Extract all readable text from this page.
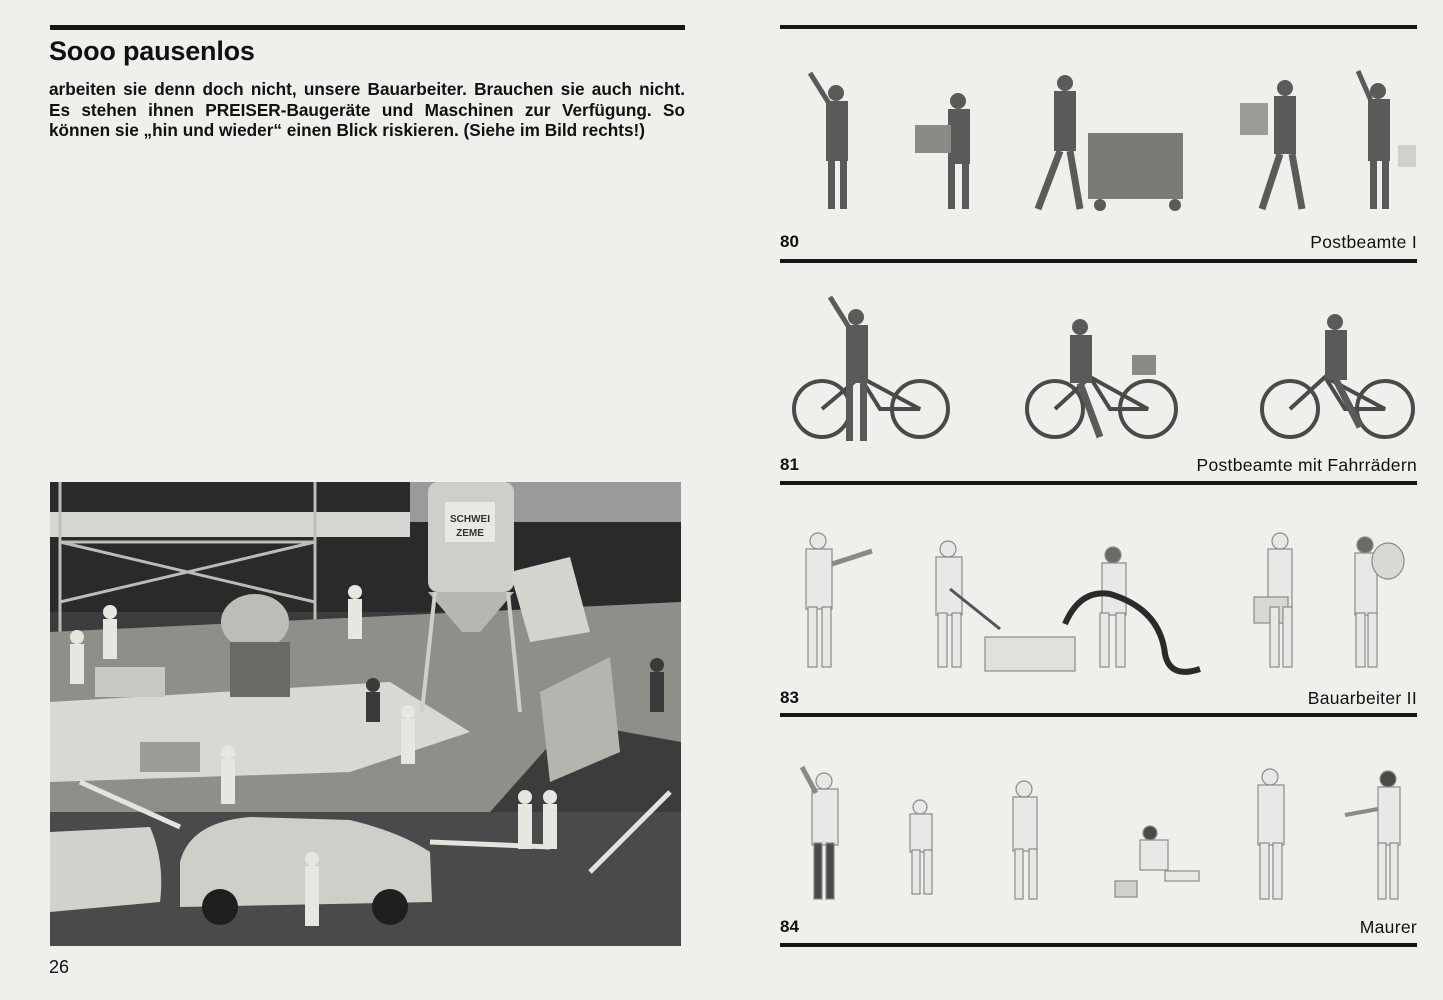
Sooo pausenlos

arbeiten sie denn doch nicht, unsere Bauarbeiter. Brauchen sie auch nicht. Es stehen ihnen PREISER-Baugeräte und Maschinen zur Verfügung. So können sie „hin und wieder“ einen Blick riskieren. (Siehe im Bild rechts!)

SCHWEI
ZEME
26
80	Postbeamte I
81	Postbeamte mit Fahrrädern
83	Bauarbeiter II
84	Maurer
